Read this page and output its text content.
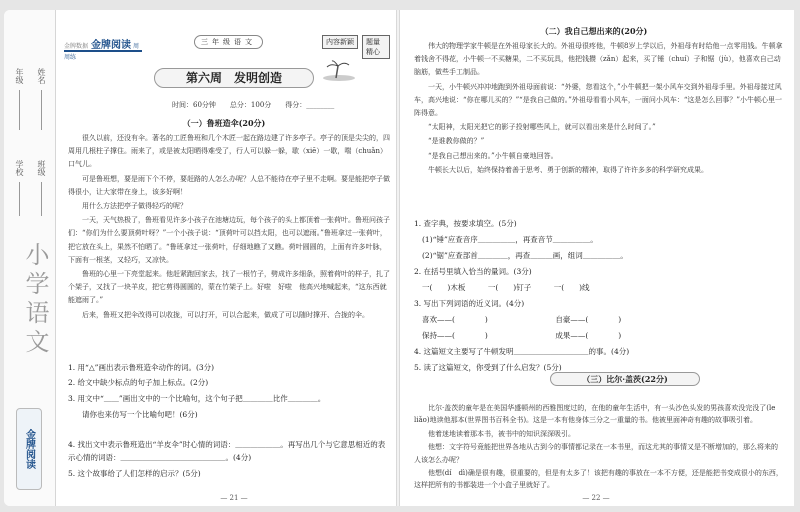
学校 班级
年级 姓名
小学语文
金牌阅读
金牌数据 金牌阅读 周周练
三年级语文	内容新颖	题量精心
第六周　发明创造
时间：60分钟　　总分：100分　　得分：________
（一）鲁班造伞(20分)

很久以前，还没有伞。著名的工匠鲁班和几个木匠一起在路边建了许多亭子。亭子的顶是尖尖的，四周用几根柱子撑住。雨来了，或是被太阳晒得难受了，行人可以躲一躲，歇（xiē）一歇，喘（chuǎn）口气儿。

可是鲁班想，要是雨下个不停，要赶路的人怎么办呢？人总不能待在亭子里不走啊。要是能把亭子做得很小，让大家带在身上，该多好啊！

用什么方法把亭子做得轻巧的呢？

一天，天气热极了，鲁班看见许多小孩子在池塘边玩，每个孩子的头上都顶着一张荷叶。鲁班问孩子们：“你们为什么要顶荷叶呀？”一个小孩子说：“顶荷叶可以挡太阳，也可以遮雨。”鲁班拿过一张荷叶，把它放在头上，果然不怕晒了。“鲁班拿过一张荷叶，仔细地瞧了又瞧。荷叶圆圆的，上面有许多叶脉，下面有一根茎，又轻巧，又凉快。

鲁班的心里一下亮堂起来。他赶紧跑回家去，找了一根竹子，劈成许多细条，照着荷叶的样子，扎了个架子，又找了一块羊皮，把它剪得圆圆的，蒙在竹架子上。好啦　好啦　他高兴地喊起来，“这东西就能遮雨了。”

后来，鲁班又把伞改得可以收拢，可以打开，可以合起来，做成了可以随时撑开、合拢的伞。

1. 用“△”画出表示鲁班造伞动作的词。(3分)
2. 给文中缺少标点的句子加上标点。(2分)
3. 用文中“＿＿”画出文中的一个比喻句，这个句子把＿＿＿＿比作＿＿＿＿。
请你也来仿写一个比喻句吧！(6分)
4. 找出文中表示鲁班造出“羊皮伞”时心情的词语：＿＿＿＿＿＿。再写出几个与它意思相近的表示心情的词语：＿＿＿＿＿＿＿＿＿＿＿＿＿＿。(4分)
5. 这个故事给了人们怎样的启示？(5分)
— 21 —
（二）我自己想出来的(20分)

伟大的物理学家牛顿是在外祖母家长大的。外祖母很疼他，牛顿8岁上学以后，外祖母有时给他一点零用钱。牛顿拿着钱舍不得花，小牛顿一不买糖果，二不买玩具，他把钱攒（zǎn）起来，买了锤（chuí）子和锯（jù），他喜欢自己动脑筋，做些手工制品。

一天，小牛顿兴冲冲地跑到外祖母面前说：“外婆，您看这个，”小牛顿把一架小风车交到外祖母手里。外祖母接过风车，高兴地说：“你在哪儿买的？”“是我自己做的。”外祖母看看小风车，一面问小风车：“这是怎么回事？”小牛顿心里一阵得意。

“太阳神，太阳光把它的影子投射哪些风上，就可以看出来是什么时间了。”

“是谁教你做的？”

“是我自己想出来的。”小牛顿自豪地回答。

牛顿长大以后，始终保持着善于思考、勇于创新的精神，取得了许许多多的科学研究成果。

1. 查字典，按要求填空。(5分)
(1)“锤”应查音序＿＿＿＿＿，再查音节＿＿＿＿＿。
(2)“锯”应查部首＿＿＿＿，再查＿＿＿画，组词＿＿＿＿＿。
2. 在括号里填入恰当的量词。(3分)
一(　　)木板　　　一(　　)钉子　　　一(　　)线
3. 写出下列词语的近义词。(4分)
喜欢——(　　　　)　　　　　　　　　自豪——(　　　　)
保持——(　　　　)　　　　　　　　　成果——(　　　　)
4. 这篇短文主要写了牛顿发明＿＿＿＿＿＿＿＿＿＿的事。(4分)
5. 读了这篇短文，你受到了什么启发？(5分)

比尔·盖茨的童年是在美国华盛顿州的西雅图度过的，在他的童年生活中，有一头沙色头发的男孩喜欢没完没了(le　liǎo)地读他那本(世界图书百科全书)。这是一本有他身体三分之一重量的书。他被里面神奇有趣的故事吸引着。

他着迷地读着那本书，被书中的知识深深吸引。

他想：文字符号竟能把世界各地从古到今的事情都记录在一本书里，而这尤其的事情又是不断增加的，那么将来的人该怎么办呢？

他想(dí　dì)确是很有趣，很重要的，但是有太多了！该把有趣的事放在一本不方便，还是能把书变成很小的东西，这样把所有的书都装进一个小盒子里就好了。

— 22 —
（三）比尔·盖茨(22分)
